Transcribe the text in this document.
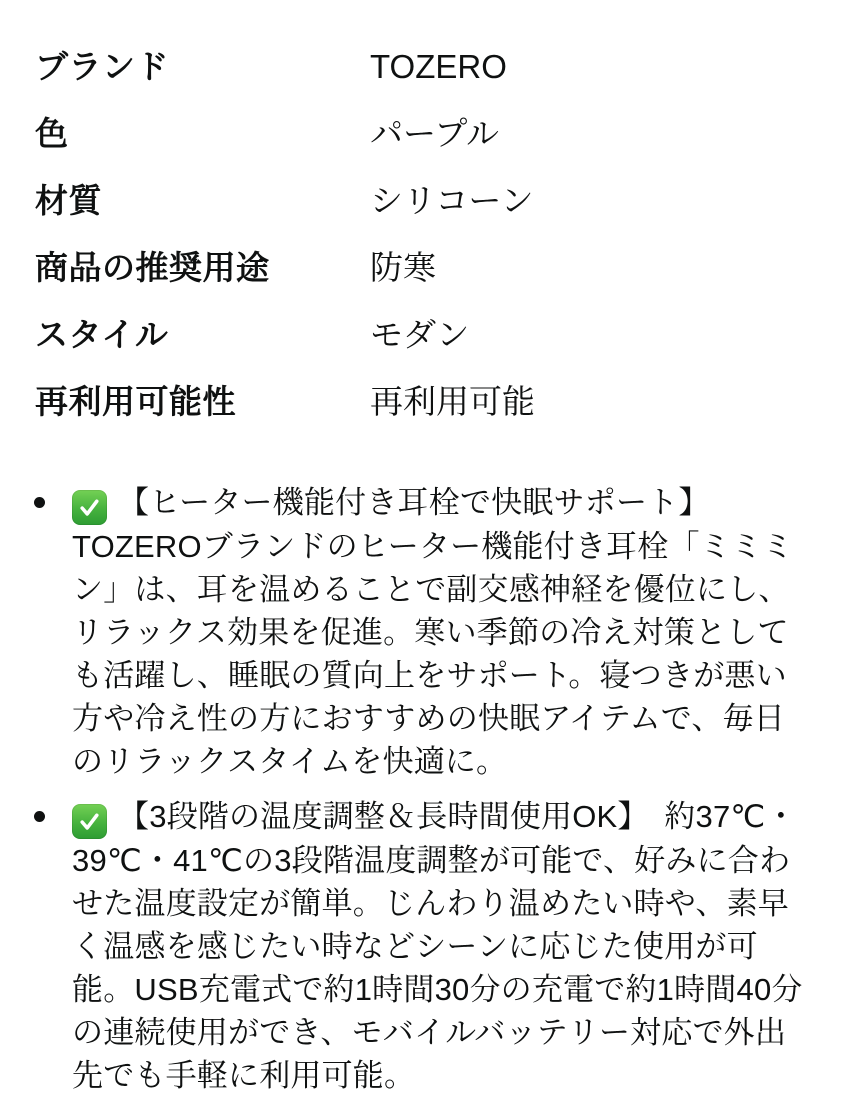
ブランド	TOZERO
色	パープル
材質	シリコーン
商品の推奨用途	防寒
スタイル	モダン
再利用可能性	再利用可能
【ヒーター機能付き耳栓で快眠サポート】TOZEROブランドのヒーター機能付き耳栓「ミミミン」は、耳を温めることで副交感神経を優位にし、リラックス効果を促進。寒い季節の冷え対策としても活躍し、睡眠の質向上をサポート。寝つきが悪い方や冷え性の方におすすめの快眠アイテムで、毎日のリラックスタイムを快適に。
【3段階の温度調整＆長時間使用OK】　約37℃・39℃・41℃の3段階温度調整が可能で、好みに合わせた温度設定が簡単。じんわり温めたい時や、素早く温感を感じたい時などシーンに応じた使用が可能。USB充電式で約1時間30分の充電で約1時間40分の連続使用ができ、モバイルバッテリー対応で外出先でも手軽に利用可能。
